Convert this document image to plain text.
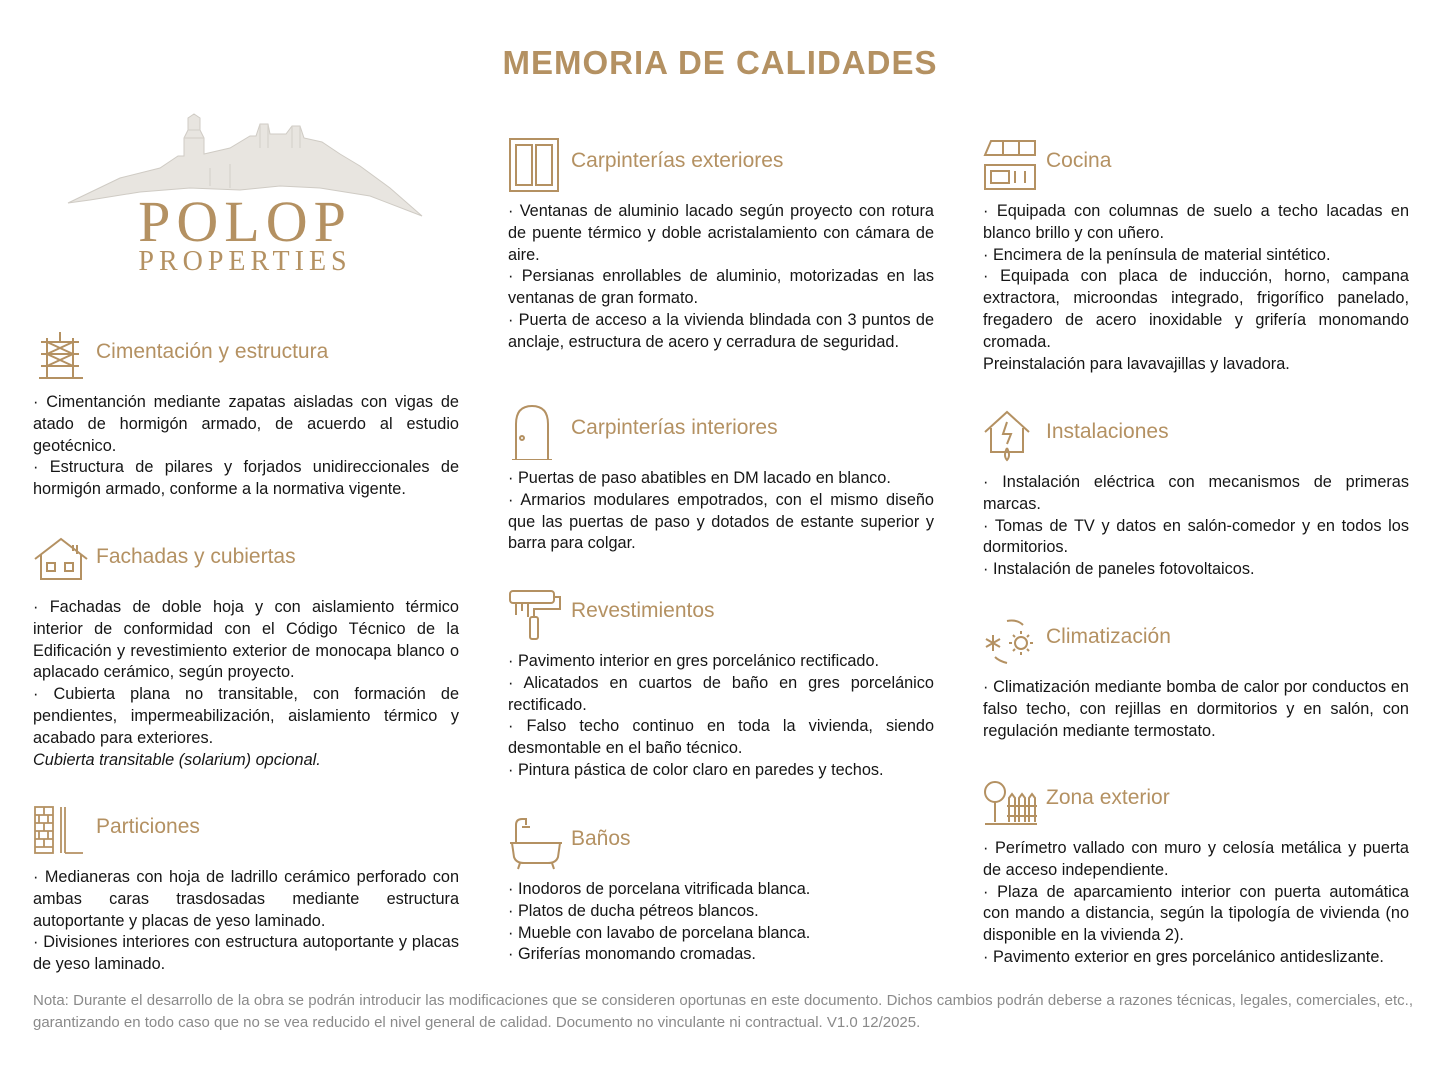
MEMORIA DE CALIDADES
POLOP
PROPERTIES
Cimentación y estructura
· Cimentanción mediante zapatas aisladas con vigas de atado de hormigón armado, de acuerdo al estudio geotécnico.
· Estructura de pilares y forjados unidireccionales de hormigón armado, conforme a la normativa vigente.
Fachadas y cubiertas
· Fachadas de doble hoja y con aislamiento térmico interior de conformidad con el Código Técnico de la Edificación y revestimiento exterior de monocapa blanco o aplacado cerámico, según proyecto.
· Cubierta plana no transitable, con formación de pendientes, impermeabilización, aislamiento térmico y acabado para exteriores.
Cubierta transitable (solarium) opcional.
Particiones
· Medianeras con hoja de ladrillo cerámico perforado con ambas caras trasdosadas mediante estructura autoportante y placas de yeso laminado.
· Divisiones interiores con estructura autoportante y placas de yeso laminado.
Carpinterías exteriores
· Ventanas de aluminio lacado según proyecto con rotura de puente térmico y doble acristalamiento con cámara de aire.
· Persianas enrollables de aluminio, motorizadas en las ventanas de gran formato.
· Puerta de acceso a la vivienda blindada con 3 puntos de anclaje, estructura de acero y cerradura de seguridad.
Carpinterías interiores
· Puertas de paso abatibles en DM lacado en blanco.
· Armarios modulares empotrados, con el mismo diseño que las puertas de paso y dotados de estante superior y barra para colgar.
Revestimientos
· Pavimento interior en gres porcelánico rectificado.
· Alicatados en cuartos de baño en gres porcelánico rectificado.
· Falso techo continuo en toda la vivienda, siendo desmontable en el baño técnico.
· Pintura pástica de color claro en paredes y techos.
Baños
· Inodoros de porcelana vitrificada blanca.
· Platos de ducha pétreos blancos.
· Mueble con lavabo de porcelana blanca.
· Griferías monomando cromadas.
Cocina
· Equipada con columnas de suelo a techo lacadas en blanco brillo y con uñero.
· Encimera de la península de material sintético.
· Equipada con placa de inducción, horno, campana extractora, microondas integrado, frigorífico panelado, fregadero de acero inoxidable y grifería monomando cromada.
Preinstalación para lavavajillas y lavadora.
Instalaciones
· Instalación eléctrica con mecanismos de primeras marcas.
· Tomas de TV y datos en salón-comedor y en todos los dormitorios.
· Instalación de paneles fotovoltaicos.
Climatización
· Climatización mediante bomba de calor por conductos en falso techo, con rejillas en dormitorios y en salón, con regulación mediante termostato.
Zona exterior
· Perímetro vallado con muro y celosía metálica y puerta de acceso independiente.
· Plaza de aparcamiento interior con puerta automática con mando a distancia, según la tipología de vivienda (no disponible en la vivienda 2).
· Pavimento exterior en gres porcelánico antideslizante.
Nota: Durante el desarrollo de la obra se podrán introducir las modificaciones que se consideren oportunas en este documento. Dichos cambios podrán deberse a razones técnicas, legales, comerciales, etc., garantizando en todo caso que no se vea reducido el nivel general de calidad. Documento no vinculante ni contractual. V1.0 12/2025.
